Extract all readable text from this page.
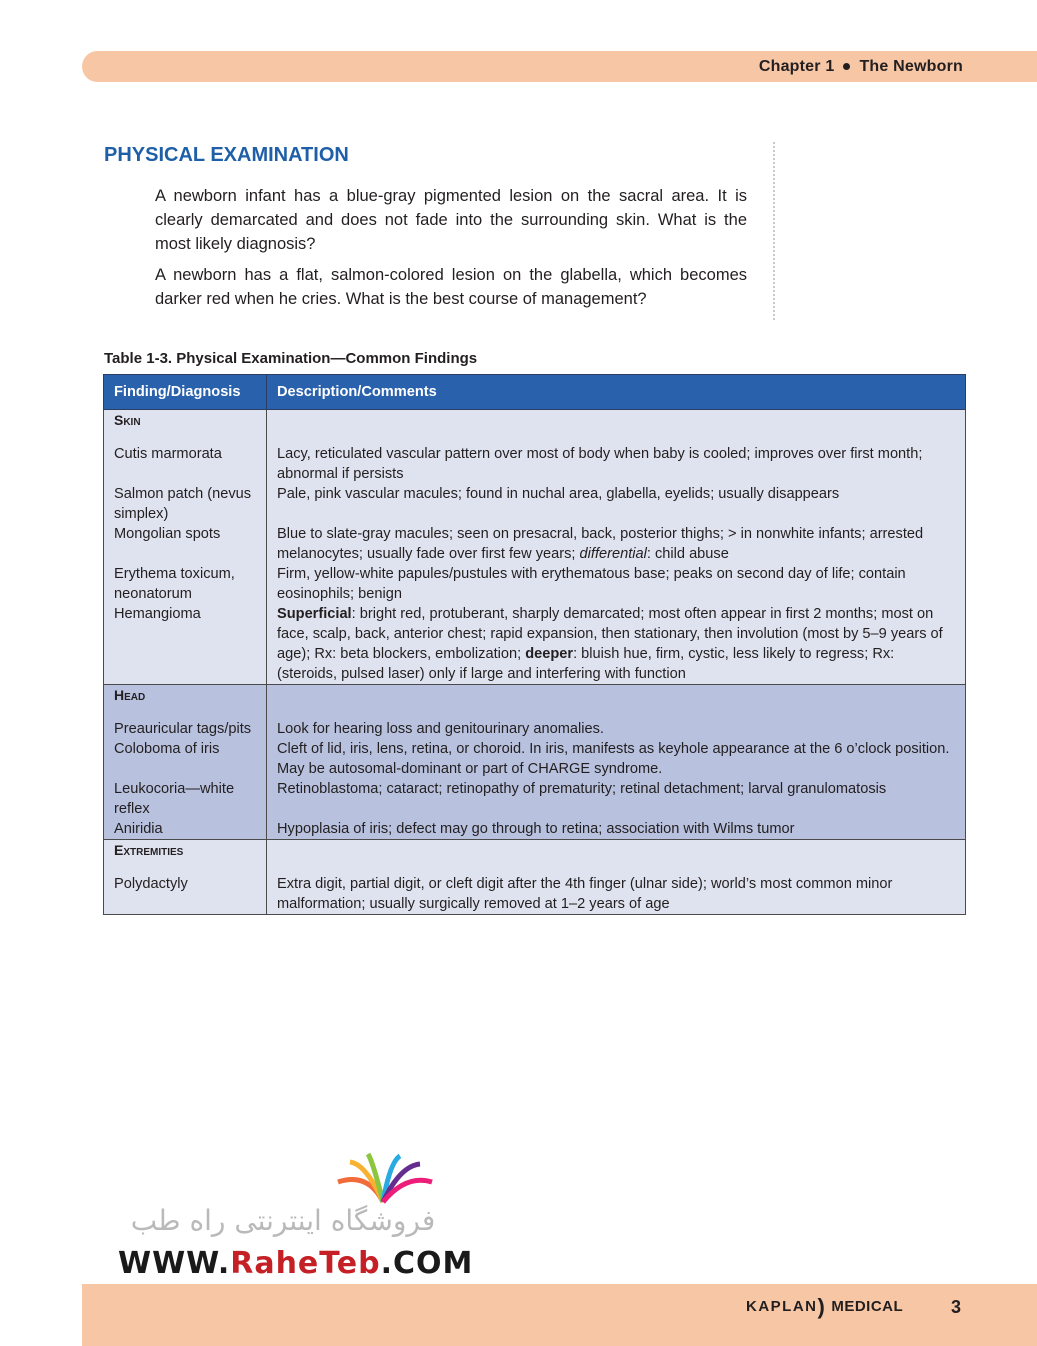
Chapter 1 The Newborn
PHYSICAL EXAMINATION
A newborn infant has a blue-gray pigmented lesion on the sacral area. It is clearly demarcated and does not fade into the surrounding skin. What is the most likely diagnosis?
A newborn has a flat, salmon-colored lesion on the glabella, which becomes darker red when he cries. What is the best course of management?
Table 1-3. Physical Examination—Common Findings
Finding/Diagnosis	Description/Comments

Skin	

Cutis marmorata	Lacy, reticulated vascular pattern over most of body when baby is cooled; improves over first month; abnormal if persists
Salmon patch (nevus simplex)	Pale, pink vascular macules; found in nuchal area, glabella, eyelids; usually disappears
Mongolian spots	Blue to slate-gray macules; seen on presacral, back, posterior thighs; > in nonwhite infants; arrested melanocytes; usually fade over first few years; differential: child abuse
Erythema toxicum, neonatorum	Firm, yellow-white papules/pustules with erythematous base; peaks on second day of life; contain eosinophils; benign
Hemangioma	Superficial: bright red, protuberant, sharply demarcated; most often appear in first 2 months; most on face, scalp, back, anterior chest; rapid expansion, then stationary, then involution (most by 5–9 years of age); Rx: beta blockers, embolization; deeper: bluish hue, firm, cystic, less likely to regress; Rx: (steroids, pulsed laser) only if large and interfering with function

Head	

Preauricular tags/pits	Look for hearing loss and genitourinary anomalies.
Coloboma of iris	Cleft of lid, iris, lens, retina, or choroid. In iris, manifests as keyhole appearance at the 6 o’clock position. May be autosomal-dominant or part of CHARGE syndrome.
Leukocoria—white reflex	Retinoblastoma; cataract; retinopathy of prematurity; retinal detachment; larval granulomatosis
Aniridia	Hypoplasia of iris; defect may go through to retina; association with Wilms tumor

Extremities	

Polydactyly	Extra digit, partial digit, or cleft digit after the 4th finger (ulnar side); world’s most common minor malformation; usually surgically removed at 1–2 years of age
فروشگاه اینترنتی راه طب
WWW.RaheTeb.COM
KAPLAN) MEDICAL	3
